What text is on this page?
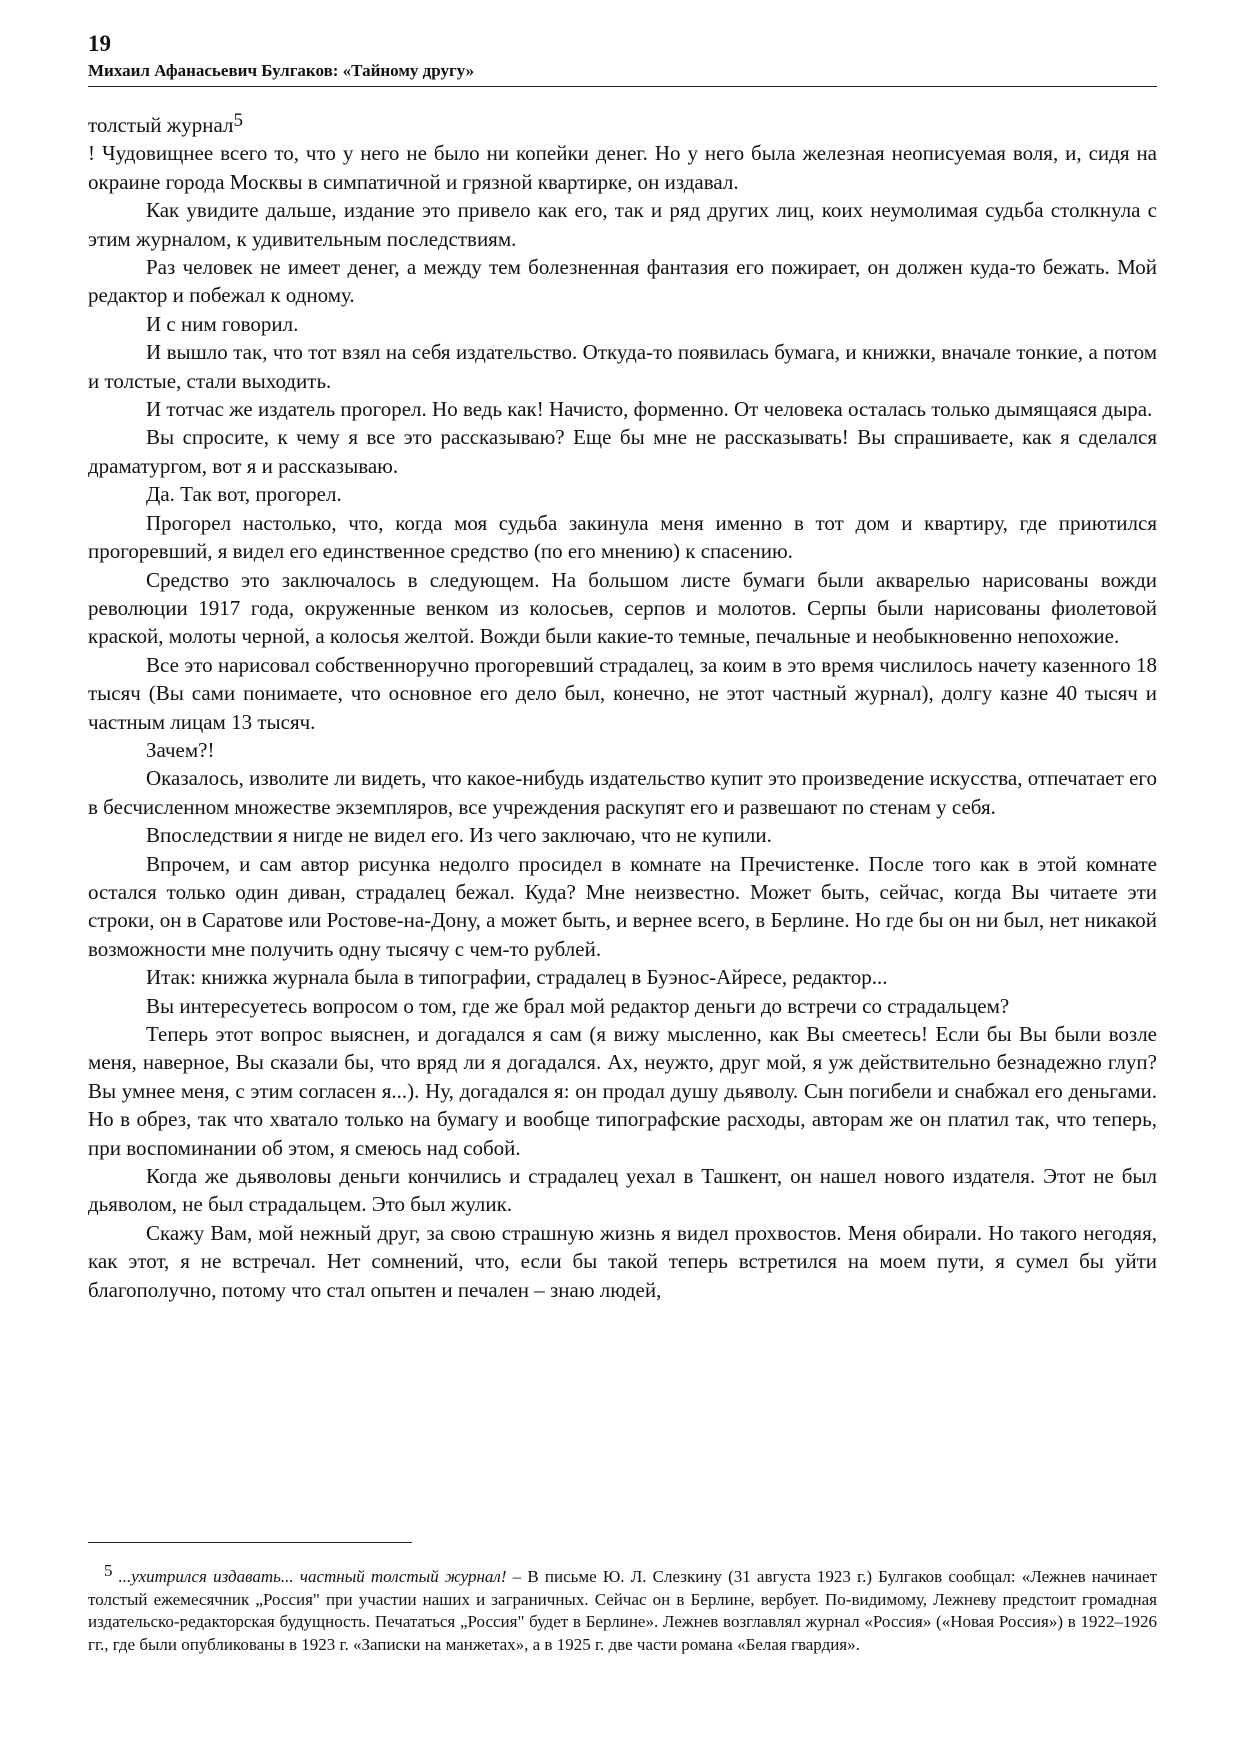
19

Михаил Афанасьевич Булгаков: «Тайному другу»

толстый журнал5

! Чудовищнее всего то, что у него не было ни копейки денег. Но у него была железная неописуемая воля, и, сидя на окраине города Москвы в симпатичной и грязной квартирке, он издавал.

Как увидите дальше, издание это привело как его, так и ряд других лиц, коих неумолимая судьба столкнула с этим журналом, к удивительным последствиям.

Раз человек не имеет денег, а между тем болезненная фантазия его пожирает, он должен куда-то бежать. Мой редактор и побежал к одному.

И с ним говорил.

И вышло так, что тот взял на себя издательство. Откуда-то появилась бумага, и книжки, вначале тонкие, а потом и толстые, стали выходить.

И тотчас же издатель прогорел. Но ведь как! Начисто, форменно. От человека осталась только дымящаяся дыра.

Вы спросите, к чему я все это рассказываю? Еще бы мне не рассказывать! Вы спрашиваете, как я сделался драматургом, вот я и рассказываю.

Да. Так вот, прогорел.

Прогорел настолько, что, когда моя судьба закинула меня именно в тот дом и квартиру, где приютился прогоревший, я видел его единственное средство (по его мнению) к спасению.

Средство это заключалось в следующем. На большом листе бумаги были акварелью нарисованы вожди революции 1917 года, окруженные венком из колосьев, серпов и молотов. Серпы были нарисованы фиолетовой краской, молоты черной, а колосья желтой. Вожди были какие-то темные, печальные и необыкновенно непохожие.

Все это нарисовал собственноручно прогоревший страдалец, за коим в это время числилось начету казенного 18 тысяч (Вы сами понимаете, что основное его дело был, конечно, не этот частный журнал), долгу казне 40 тысяч и частным лицам 13 тысяч.

Зачем?!

Оказалось, изволите ли видеть, что какое-нибудь издательство купит это произведение искусства, отпечатает его в бесчисленном множестве экземпляров, все учреждения раскупят его и развешают по стенам у себя.

Впоследствии я нигде не видел его. Из чего заключаю, что не купили.

Впрочем, и сам автор рисунка недолго просидел в комнате на Пречистенке. После того как в этой комнате остался только один диван, страдалец бежал. Куда? Мне неизвестно. Может быть, сейчас, когда Вы читаете эти строки, он в Саратове или Ростове-на-Дону, а может быть, и вернее всего, в Берлине. Но где бы он ни был, нет никакой возможности мне получить одну тысячу с чем-то рублей.

Итак: книжка журнала была в типографии, страдалец в Буэнос-Айресе, редактор...

Вы интересуетесь вопросом о том, где же брал мой редактор деньги до встречи со страдальцем?

Теперь этот вопрос выяснен, и догадался я сам (я вижу мысленно, как Вы смеетесь! Если бы Вы были возле меня, наверное, Вы сказали бы, что вряд ли я догадался. Ах, неужто, друг мой, я уж действительно безнадежно глуп? Вы умнее меня, с этим согласен я...). Ну, догадался я: он продал душу дьяволу. Сын погибели и снабжал его деньгами. Но в обрез, так что хватало только на бумагу и вообще типографские расходы, авторам же он платил так, что теперь, при воспоминании об этом, я смеюсь над собой.

Когда же дьяволовы деньги кончились и страдалец уехал в Ташкент, он нашел нового издателя. Этот не был дьяволом, не был страдальцем. Это был жулик.

Скажу Вам, мой нежный друг, за свою страшную жизнь я видел прохвостов. Меня обирали. Но такого негодяя, как этот, я не встречал. Нет сомнений, что, если бы такой теперь встретился на моем пути, я сумел бы уйти благополучно, потому что стал опытен и печален – знаю людей,

5 ...ухитрился издавать... частный толстый журнал! – В письме Ю. Л. Слезкину (31 августа 1923 г.) Булгаков сообщал: «Лежнев начинает толстый ежемесячник „Россия" при участии наших и заграничных. Сейчас он в Берлине, вербует. По-видимому, Лежневу предстоит громадная издательско-редакторская будущность. Печататься „Россия" будет в Берлине». Лежнев возглавлял журнал «Россия» («Новая Россия») в 1922–1926 гг., где были опубликованы в 1923 г. «Записки на манжетах», а в 1925 г. две части романа «Белая гвардия».
